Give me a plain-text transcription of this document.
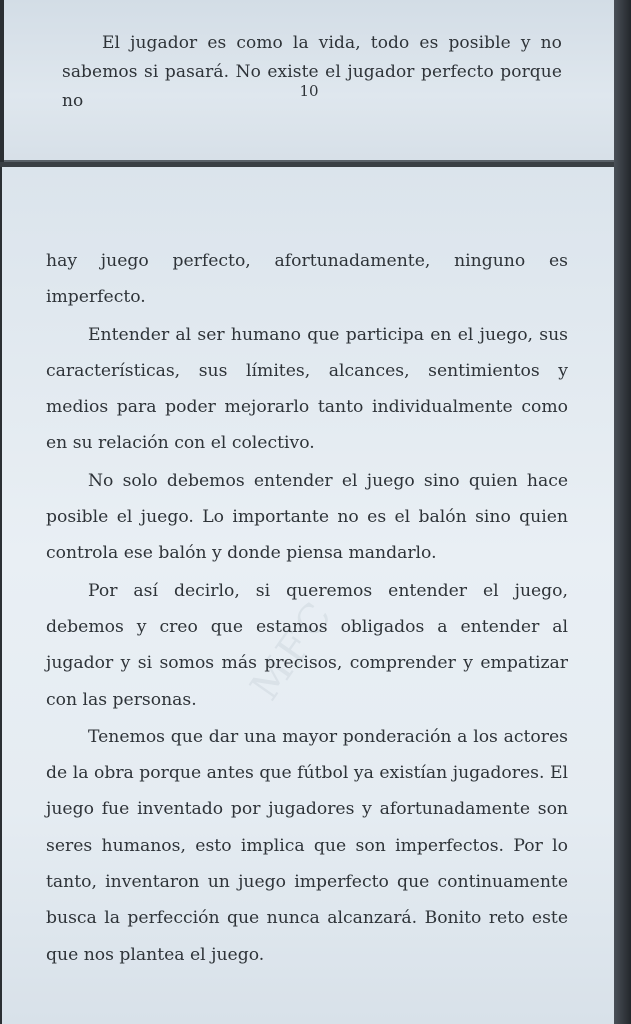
El jugador es como la vida, todo es posible y no sabemos si pasará. No existe el jugador perfecto porque no	10
MFC

hay juego perfecto, afortunadamente, ninguno es imperfecto.

Entender al ser humano que participa en el juego, sus características, sus límites, alcances, sentimientos y medios para poder mejorarlo tanto individualmente como en su relación con el colectivo.

No solo debemos entender el juego sino quien hace posible el juego. Lo importante no es el balón sino quien controla ese balón y donde piensa mandarlo.

Por así decirlo, si queremos entender el juego, debemos y creo que estamos obligados a entender al jugador y si somos más precisos, comprender y empatizar con las personas.

Tenemos que dar una mayor ponderación a los actores de la obra porque antes que fútbol ya existían jugadores. El juego fue inventado por jugadores y afortunadamente son seres humanos, esto implica que son imperfectos. Por lo tanto, inventaron un juego imperfecto que continuamente busca la perfección que nunca alcanzará. Bonito reto este que nos plantea el juego.
